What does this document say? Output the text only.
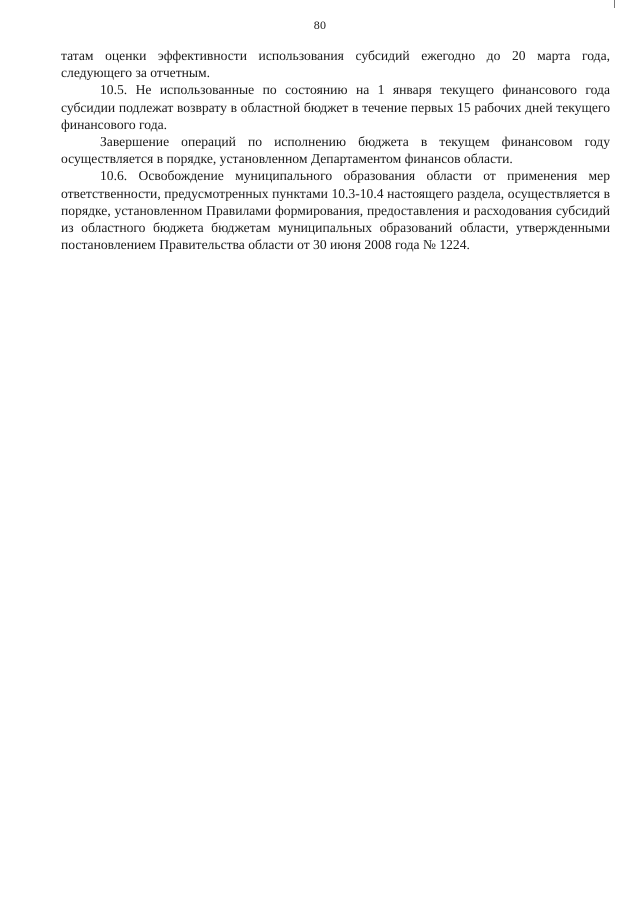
80

татам оценки эффективности использования субсидий ежегодно до 20 марта года, следующего за отчетным.

10.5. Не использованные по состоянию на 1 января текущего финансового года субсидии подлежат возврату в областной бюджет в течение первых 15 рабочих дней текущего финансового года.

Завершение операций по исполнению бюджета в текущем финансовом году осуществляется в порядке, установленном Департаментом финансов области.

10.6. Освобождение муниципального образования области от применения мер ответственности, предусмотренных пунктами 10.3-10.4 настоящего раздела, осуществляется в порядке, установленном Правилами формирования, предоставления и расходования субсидий из областного бюджета бюджетам муниципальных образований области, утвержденными постановлением Правительства области от 30 июня 2008 года № 1224.
